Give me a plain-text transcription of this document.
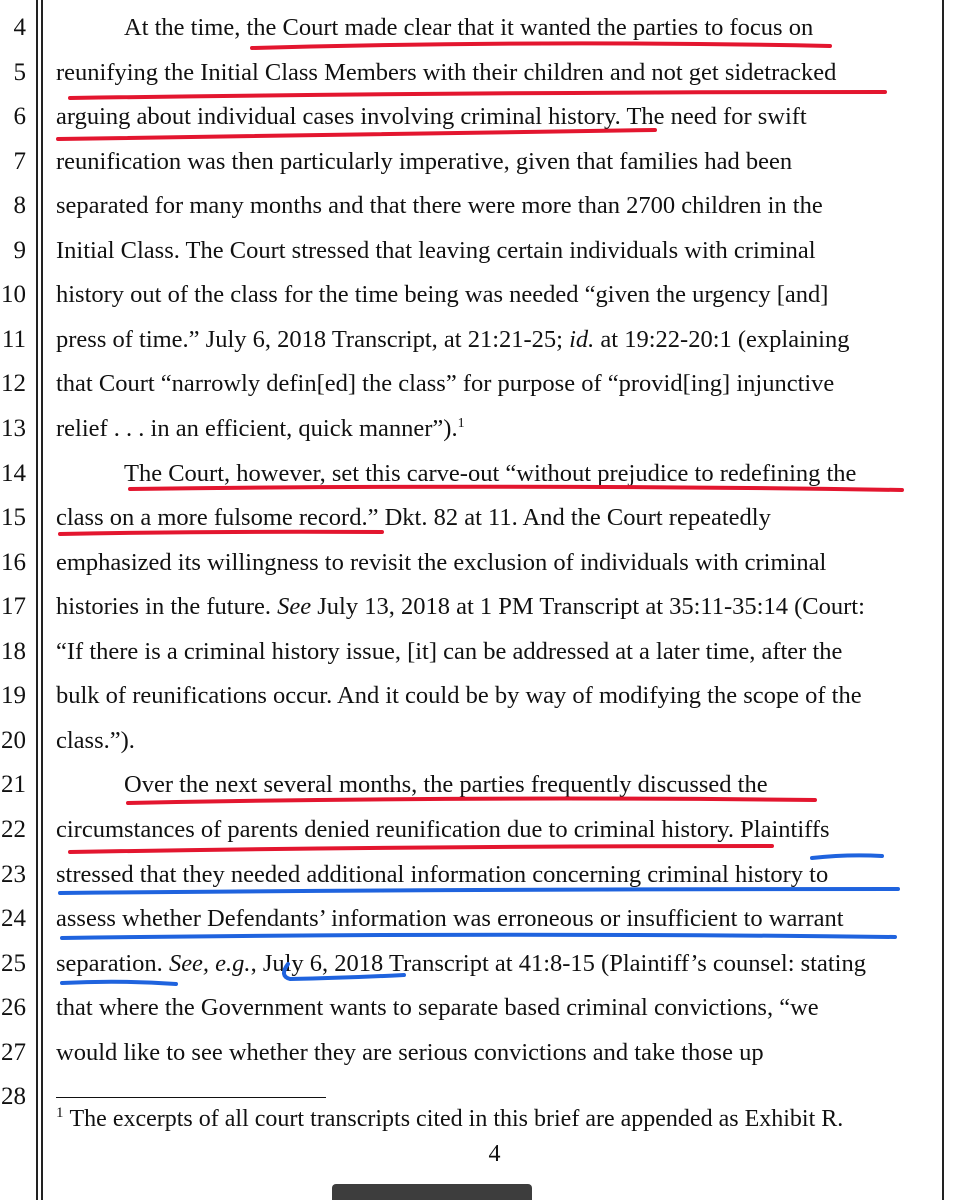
4
5
6
7
8
9
10
11
12
13
14
15
16
17
18
19
20
21
22
23
24
25
26
27
28
At the time, the Court made clear that it wanted the parties to focus on
reunifying the Initial Class Members with their children and not get sidetracked
arguing about individual cases involving criminal history. The need for swift
reunification was then particularly imperative, given that families had been
separated for many months and that there were more than 2700 children in the
Initial Class. The Court stressed that leaving certain individuals with criminal
history out of the class for the time being was needed “given the urgency [and]
press of time.” July 6, 2018 Transcript, at 21:21-25; id. at 19:22-20:1 (explaining
that Court “narrowly defin[ed] the class” for purpose of “provid[ing] injunctive
relief . . . in an efficient, quick manner”).$^1$
The Court, however, set this carve-out “without prejudice to redefining the
class on a more fulsome record.” Dkt. 82 at 11. And the Court repeatedly
emphasized its willingness to revisit the exclusion of individuals with criminal
histories in the future. See July 13, 2018 at 1 PM Transcript at 35:11-35:14 (Court:
“If there is a criminal history issue, [it] can be addressed at a later time, after the
bulk of reunifications occur. And it could be by way of modifying the scope of the
class.”).
Over the next several months, the parties frequently discussed the
circumstances of parents denied reunification due to criminal history. Plaintiffs
stressed that they needed additional information concerning criminal history to
assess whether Defendants’ information was erroneous or insufficient to warrant
separation. See, e.g., July 6, 2018 Transcript at 41:8-15 (Plaintiff’s counsel: stating
that where the Government wants to separate based criminal convictions, “we
would like to see whether they are serious convictions and take those up
$^1$ The excerpts of all court transcripts cited in this brief are appended as Exhibit R.
4
